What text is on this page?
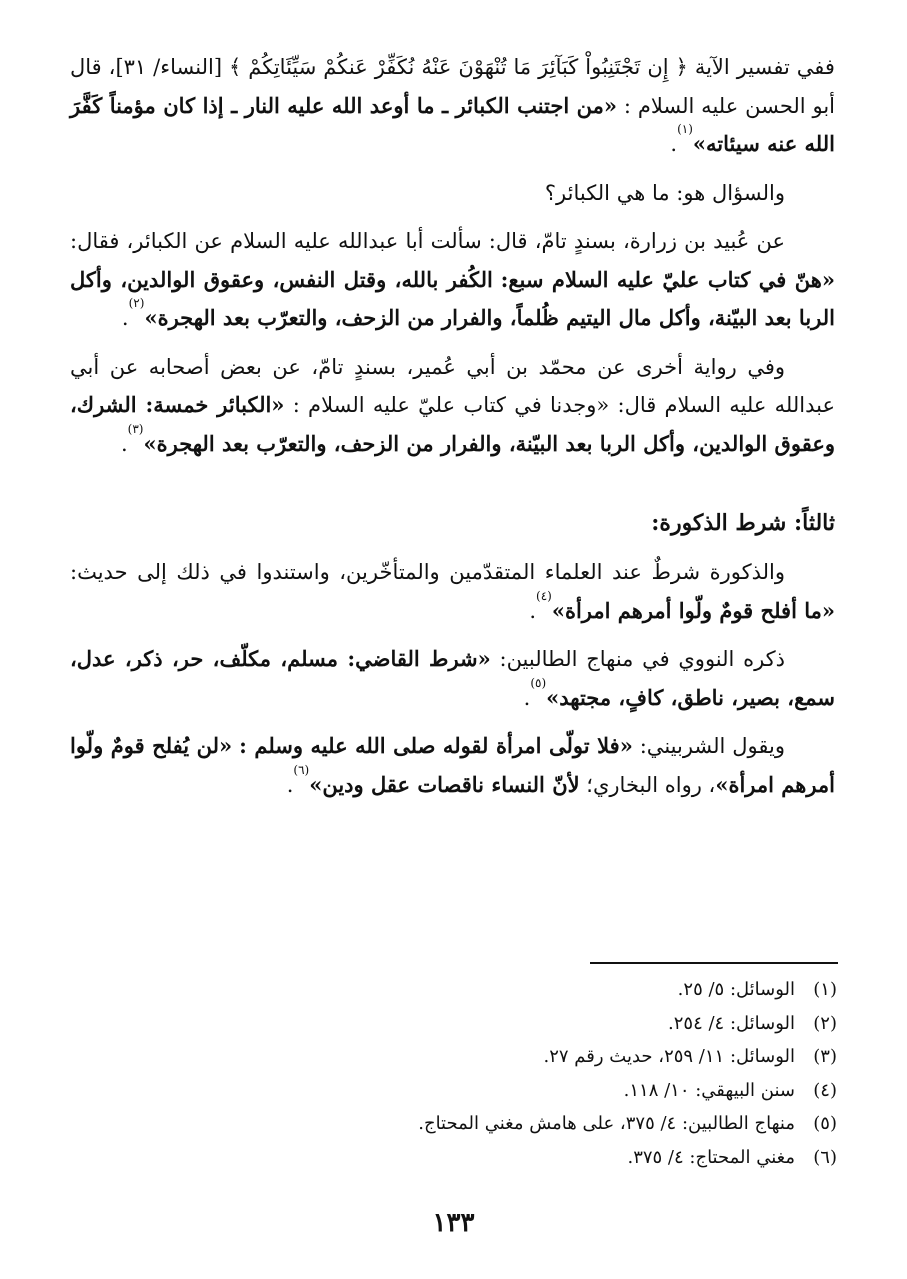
ففي تفسير الآية ﴿ إِن تَجْتَنِبُواْ كَبَآئِرَ مَا تُنْهَوْنَ عَنْهُ نُكَفِّرْ عَنكُمْ سَيِّئَاتِكُمْ ﴾ [النساء/ ٣١]، قال أبو الحسن عليه السلام : «من اجتنب الكبائر ـ ما أوعد الله عليه النار ـ إذا كان مؤمناً كَفَّرَ الله عنه سيئاته»$^{(١)}$.

والسؤال هو: ما هي الكبائر؟

عن عُبيد بن زرارة، بسندٍ تامّ، قال: سألت أبا عبدالله عليه السلام عن الكبائر، فقال: «هنّ في كتاب عليّ عليه السلام سبع: الكُفر بالله، وقتل النفس، وعقوق الوالدين، وأكل الربا بعد البيّنة، وأكل مال اليتيم ظُلماً، والفرار من الزحف، والتعرّب بعد الهجرة»$^{(٢)}$.

وفي رواية أخرى عن محمّد بن أبي عُمير، بسندٍ تامّ، عن بعض أصحابه عن أبي عبدالله عليه السلام قال: «وجدنا في كتاب عليّ عليه السلام : «الكبائر خمسة: الشرك، وعقوق الوالدين، وأكل الربا بعد البيّنة، والفرار من الزحف، والتعرّب بعد الهجرة»$^{(٣)}$.

ثالثاً: شرط الذكورة:

والذكورة شرطٌ عند العلماء المتقدّمين والمتأخّرين، واستندوا في ذلك إلى حديث: «ما أفلح قومٌ ولّوا أمرهم امرأة»$^{(٤)}$.

ذكره النووي في منهاج الطالبين: «شرط القاضي: مسلم، مكلّف، حر، ذكر، عدل، سمع، بصير، ناطق، كافٍ، مجتهد»$^{(٥)}$.

ويقول الشربيني: «فلا تولّى امرأة لقوله صلى الله عليه وسلم : «لن يُفلح قومٌ ولّوا أمرهم امرأة»، رواه البخاري؛ لأنّ النساء ناقصات عقل ودين»$^{(٦)}$.

(١)الوسائل: ٥/ ٢٥.
(٢)الوسائل: ٤/ ٢٥٤.
(٣)الوسائل: ١١/ ٢٥٩، حديث رقم ٢٧.
(٤)سنن البيهقي: ١٠/ ١١٨.
(٥)منهاج الطالبين: ٤/ ٣٧٥، على هامش مغني المحتاج.
(٦)مغني المحتاج: ٤/ ٣٧٥.
١٣٣
